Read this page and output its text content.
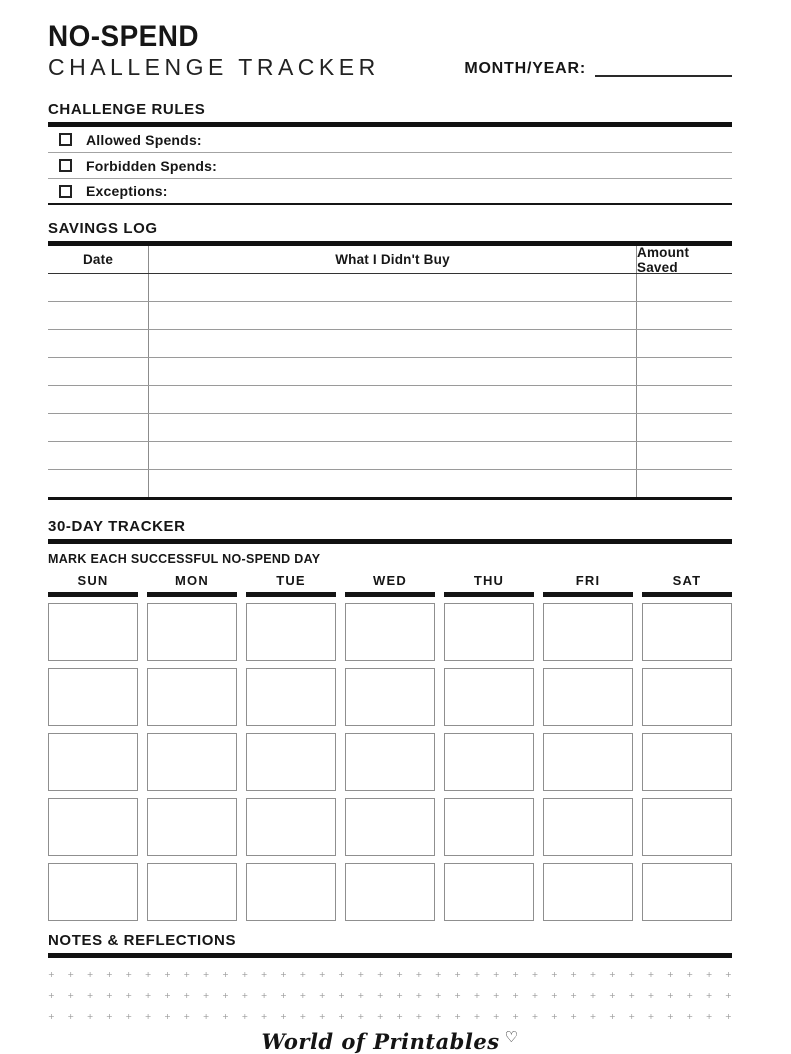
NO-SPEND
CHALLENGE TRACKER	MONTH/YEAR:
CHALLENGE RULES
Allowed Spends:
Forbidden Spends:
Exceptions:
SAVINGS LOG
Date	What I Didn't Buy	Amount Saved
30-DAY TRACKER
MARK EACH SUCCESSFUL NO-SPEND DAY
SUN	MON	TUE	WED	THU	FRI	SAT
NOTES & REFLECTIONS
+ + + + + + + + + + + + + + + + + + + + + + + + + + + + + + + + + + + +
+ + + + + + + + + + + + + + + + + + + + + + + + + + + + + + + + + + + +
+ + + + + + + + + + + + + + + + + + + + + + + + + + + + + + + + + + + +
World of Printables ♡
